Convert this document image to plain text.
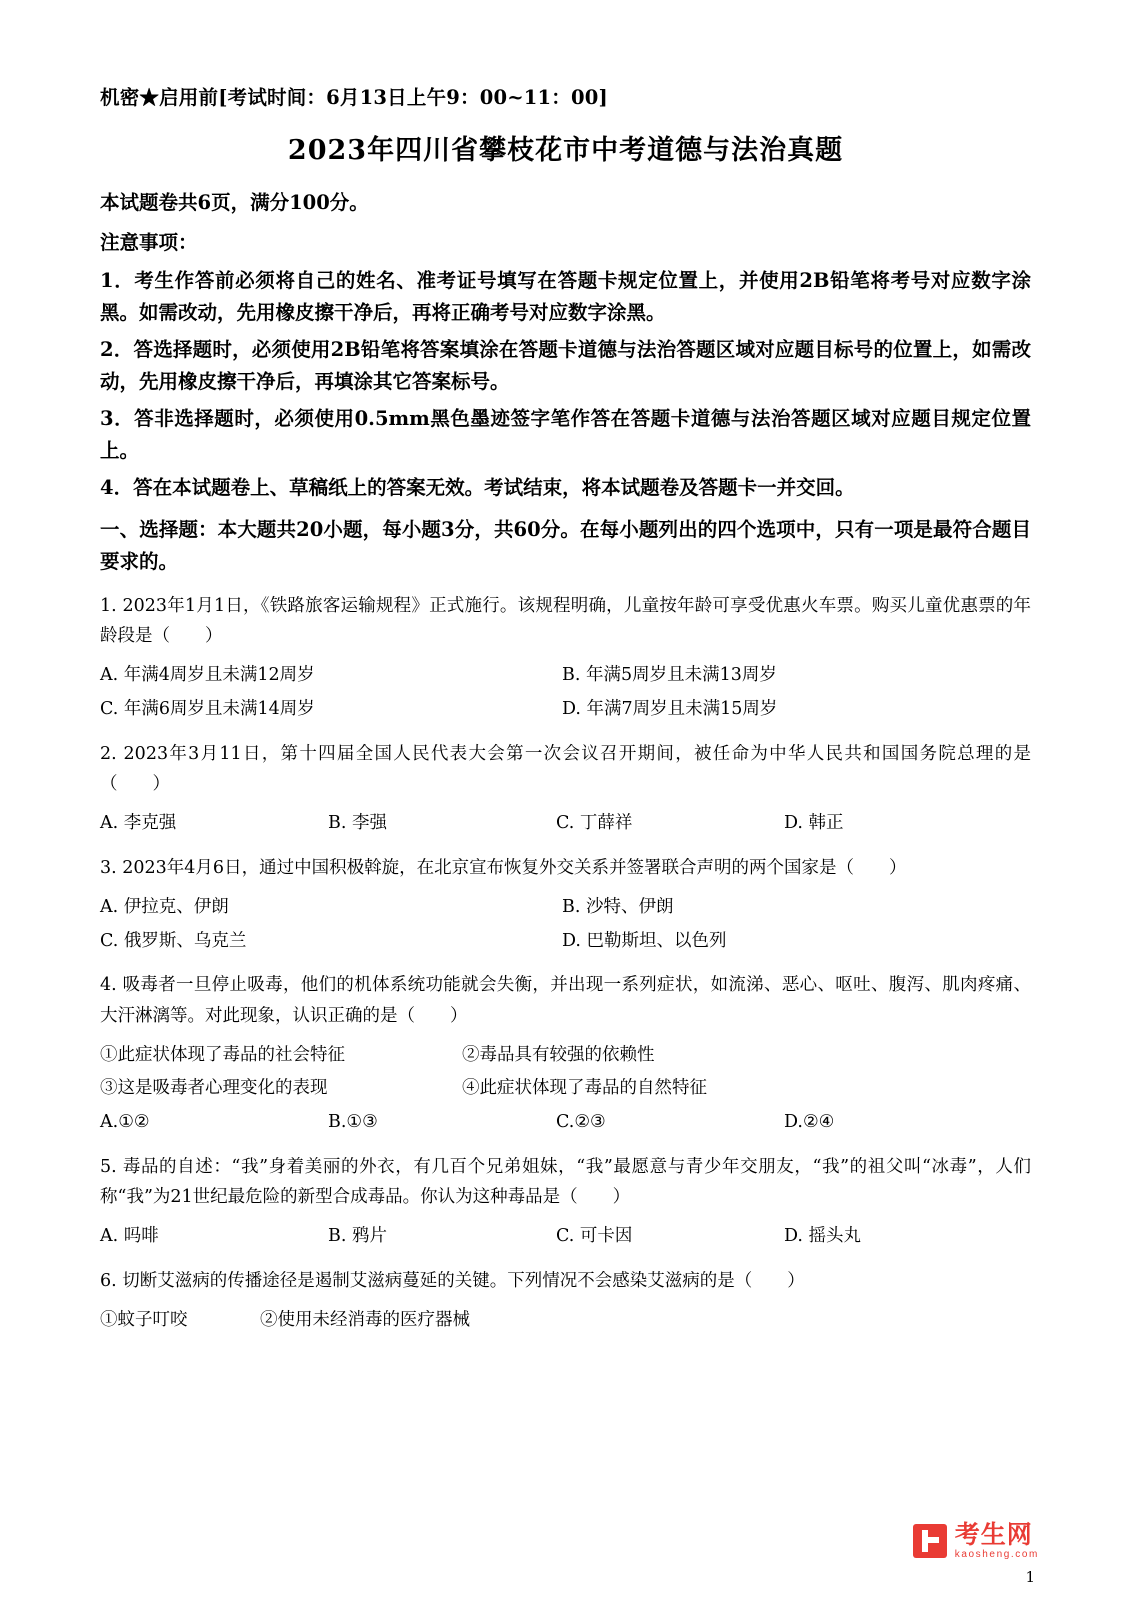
机密★启用前[考试时间：6月13日上午9：00~11：00]
2023年四川省攀枝花市中考道德与法治真题
本试题卷共6页，满分100分。
注意事项：
1．考生作答前必须将自己的姓名、准考证号填写在答题卡规定位置上，并使用2B铅笔将考号对应数字涂黑。如需改动，先用橡皮擦干净后，再将正确考号对应数字涂黑。
2．答选择题时，必须使用2B铅笔将答案填涂在答题卡道德与法治答题区域对应题目标号的位置上，如需改动，先用橡皮擦干净后，再填涂其它答案标号。
3．答非选择题时，必须使用0.5mm黑色墨迹签字笔作答在答题卡道德与法治答题区域对应题目规定位置上。
4．答在本试题卷上、草稿纸上的答案无效。考试结束，将本试题卷及答题卡一并交回。
一、选择题：本大题共20小题，每小题3分，共60分。在每小题列出的四个选项中，只有一项是最符合题目要求的。
1. 2023年1月1日，《铁路旅客运输规程》正式施行。该规程明确，儿童按年龄可享受优惠火车票。购买儿童优惠票的年龄段是（　　）
A. 年满4周岁且未满12周岁	B. 年满5周岁且未满13周岁
C. 年满6周岁且未满14周岁	D. 年满7周岁且未满15周岁
2. 2023年3月11日，第十四届全国人民代表大会第一次会议召开期间，被任命为中华人民共和国国务院总理的是（　　）
A. 李克强	B. 李强	C. 丁薛祥	D. 韩正
3. 2023年4月6日，通过中国积极斡旋，在北京宣布恢复外交关系并签署联合声明的两个国家是（　　）
A. 伊拉克、伊朗	B. 沙特、伊朗
C. 俄罗斯、乌克兰	D. 巴勒斯坦、以色列
4. 吸毒者一旦停止吸毒，他们的机体系统功能就会失衡，并出现一系列症状，如流涕、恶心、呕吐、腹泻、肌肉疼痛、大汗淋漓等。对此现象，认识正确的是（　　）
①此症状体现了毒品的社会特征	②毒品具有较强的依赖性
③这是吸毒者心理变化的表现	④此症状体现了毒品的自然特征
A.①②	B.①③	C.②③	D.②④
5. 毒品的自述：“我”身着美丽的外衣，有几百个兄弟姐妹，“我”最愿意与青少年交朋友，“我”的祖父叫“冰毒”，人们称“我”为21世纪最危险的新型合成毒品。你认为这种毒品是（　　）
A. 吗啡	B. 鸦片	C. 可卡因	D. 摇头丸
6. 切断艾滋病的传播途径是遏制艾滋病蔓延的关键。下列情况不会感染艾滋病的是（　　）
①蚊子叮咬	②使用未经消毒的医疗器械
考生网
kaosheng.com
1
